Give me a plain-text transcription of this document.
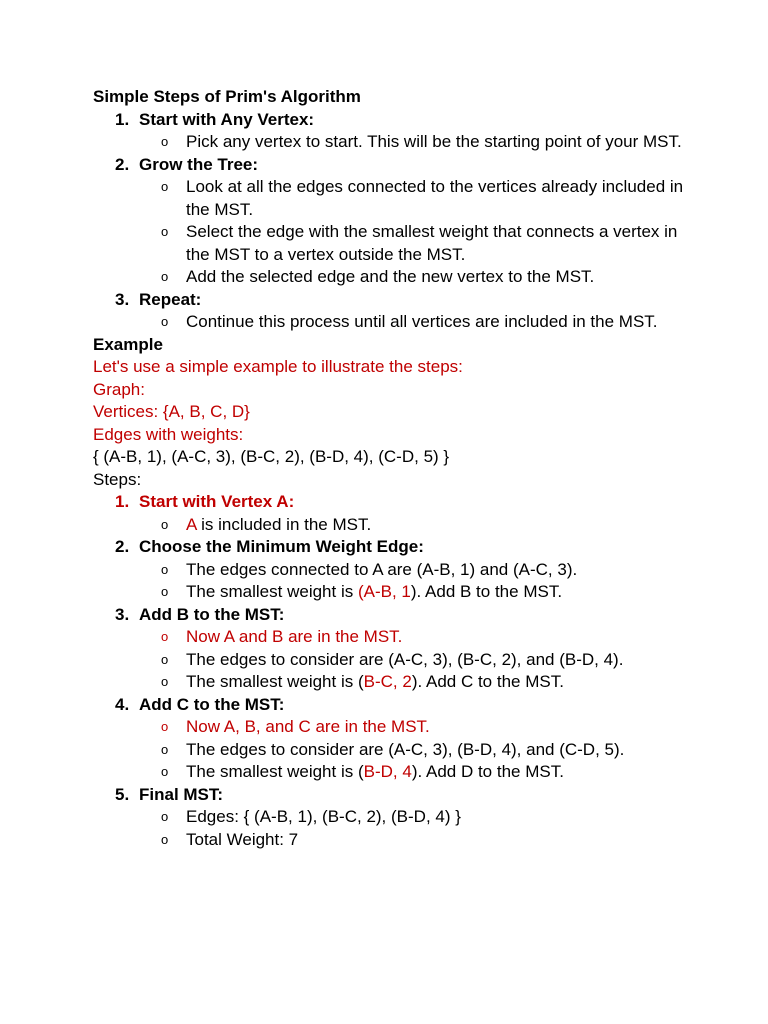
Simple Steps of Prim's Algorithm

1. Start with Any Vertex:
o Pick any vertex to start. This will be the starting point of your MST.
2. Grow the Tree:
o Look at all the edges connected to the vertices already included in the MST.
o Select the edge with the smallest weight that connects a vertex in the MST to a vertex outside the MST.
o Add the selected edge and the new vertex to the MST.
3. Repeat:
o Continue this process until all vertices are included in the MST.

Example

Let's use a simple example to illustrate the steps:

Graph:

Vertices: {A, B, C, D}

Edges with weights:

{ (A-B, 1), (A-C, 3), (B-C, 2), (B-D, 4), (C-D, 5) }

Steps:

1. Start with Vertex A:
o A is included in the MST.
2. Choose the Minimum Weight Edge:
o The edges connected to A are (A-B, 1) and (A-C, 3).
o The smallest weight is (A-B, 1). Add B to the MST.
3. Add B to the MST:
o Now A and B are in the MST.
o The edges to consider are (A-C, 3), (B-C, 2), and (B-D, 4).
o The smallest weight is (B-C, 2). Add C to the MST.
4. Add C to the MST:
o Now A, B, and C are in the MST.
o The edges to consider are (A-C, 3), (B-D, 4), and (C-D, 5).
o The smallest weight is (B-D, 4). Add D to the MST.
5. Final MST:
o Edges: { (A-B, 1), (B-C, 2), (B-D, 4) }
o Total Weight: 7
